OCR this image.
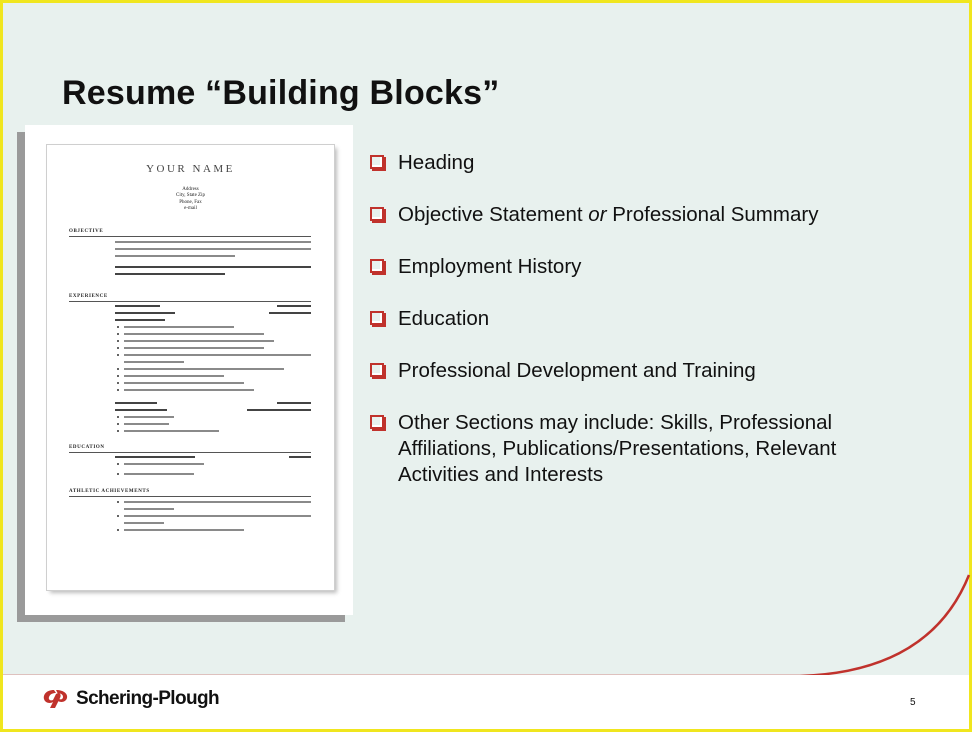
Resume “Building Blocks”
YOUR NAME
Address
City, State Zip
Phone, Fax
e-mail
OBJECTIVE
EXPERIENCE
EDUCATION
ATHLETIC ACHIEVEMENTS
Heading
Objective Statement or Professional Summary
Employment History
Education
Professional Development and Training
Other Sections may include: Skills, Professional
Affiliations, Publications/Presentations, Relevant
Activities and Interests
Schering-Plough	5
